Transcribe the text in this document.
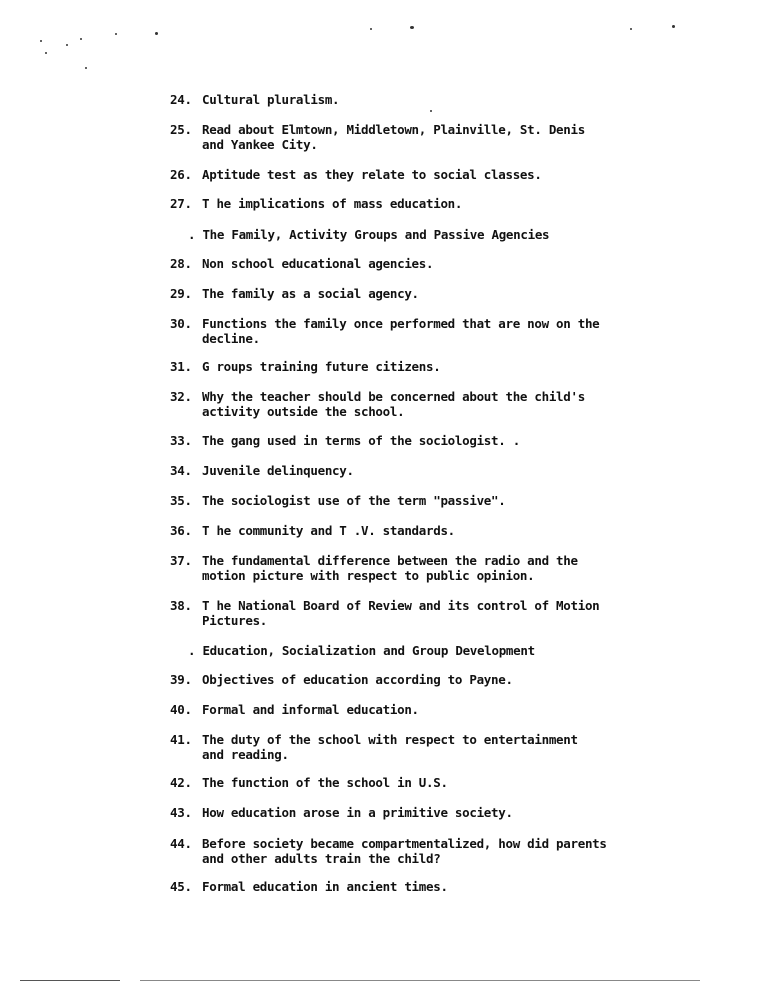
24. Cultural pluralism.
25. Read about Elmtown, Middletown, Plainville, St. Denis
and Yankee City.
26. Aptitude test as they relate to social classes.
27. T he implications of mass education.
. The Family, Activity Groups and Passive Agencies
28. Non school educational agencies.
29. The family as a social agency.
30. Functions the family once performed that are now on the
decline.
31. G roups training future citizens.
32. Why the teacher should be concerned about the child's
activity outside the school.
33. The gang used in terms of the sociologist. .
34. Juvenile delinquency.
35. The sociologist use of the term "passive".
36. T he community and T .V. standards.
37. The fundamental difference between the radio and the
motion picture with respect to public opinion.
38. T he National Board of Review and its control of Motion
Pictures.
. Education, Socialization and Group Development
39. Objectives of education according to Payne.
40. Formal and informal education.
41. The duty of the school with respect to entertainment
and reading.
42. The function of the school in U.S.
43. How education arose in a primitive society.
44. Before society became compartmentalized, how did parents
and other adults train the child?
45. Formal education in ancient times.
